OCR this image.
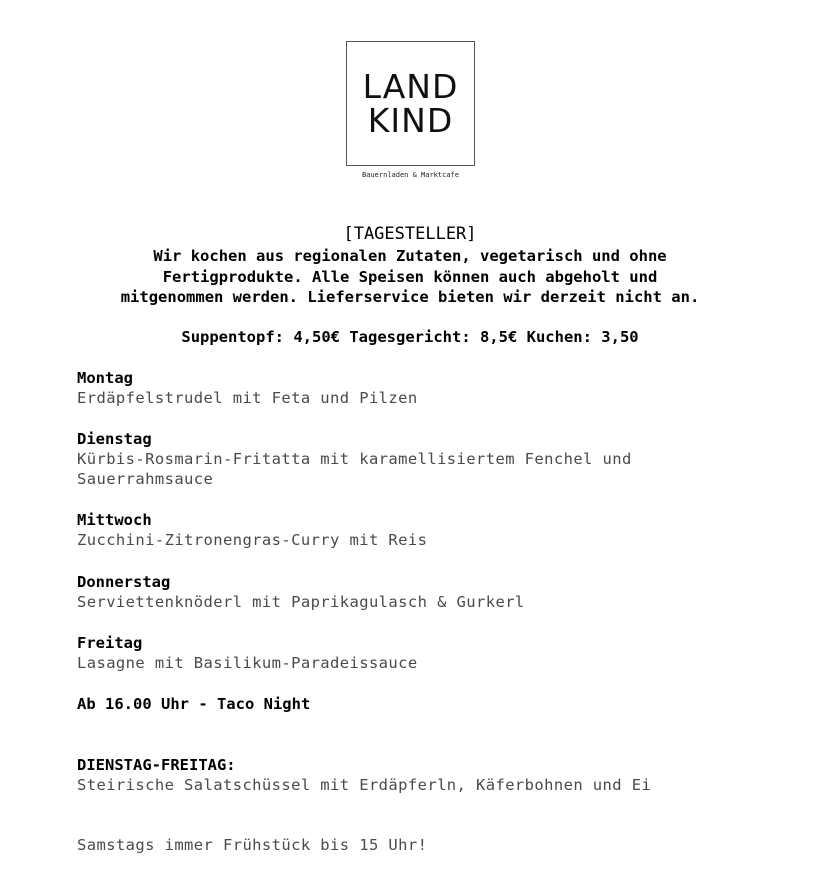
LAND
KIND
Bauernladen & Marktcafe
[TAGESTELLER]
Wir kochen aus regionalen Zutaten, vegetarisch und ohne
Fertigprodukte. Alle Speisen können auch abgeholt und
mitgenommen werden. Lieferservice bieten wir derzeit nicht an.
Suppentopf: 4,50€ Tagesgericht: 8,5€ Kuchen: 3,50
Montag
Erdäpfelstrudel mit Feta und Pilzen
Dienstag
Kürbis-Rosmarin-Fritatta mit karamellisiertem Fenchel und
Sauerrahmsauce
Mittwoch
Zucchini-Zitronengras-Curry mit Reis
Donnerstag
Serviettenknöderl mit Paprikagulasch & Gurkerl
Freitag
Lasagne mit Basilikum-Paradeissauce
Ab 16.00 Uhr - Taco Night
DIENSTAG-FREITAG:
Steirische Salatschüssel mit Erdäpferln, Käferbohnen und Ei
Samstags immer Frühstück bis 15 Uhr!
